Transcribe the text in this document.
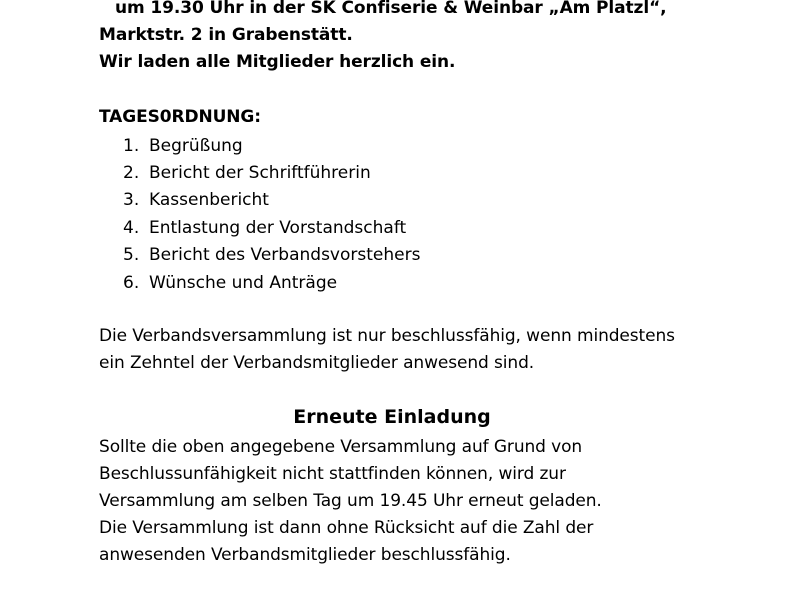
um 19.30 Uhr in der SK Confiserie & Weinbar „Am Platzl“,
Marktstr. 2 in Grabenstätt.
Wir laden alle Mitglieder herzlich ein.
TAGES0RDNUNG:
1. Begrüßung
2. Bericht der Schriftführerin
3. Kassenbericht
4. Entlastung der Vorstandschaft
5. Bericht des Verbandsvorstehers
6. Wünsche und Anträge
Die Verbandsversammlung ist nur beschlussfähig, wenn mindestens
ein Zehntel der Verbandsmitglieder anwesend sind.
Erneute Einladung
Sollte die oben angegebene Versammlung auf Grund von
Beschlussunfähigkeit nicht stattfinden können, wird zur
Versammlung am selben Tag um 19.45 Uhr erneut geladen.
Die Versammlung ist dann ohne Rücksicht auf die Zahl der
anwesenden Verbandsmitglieder beschlussfähig.
